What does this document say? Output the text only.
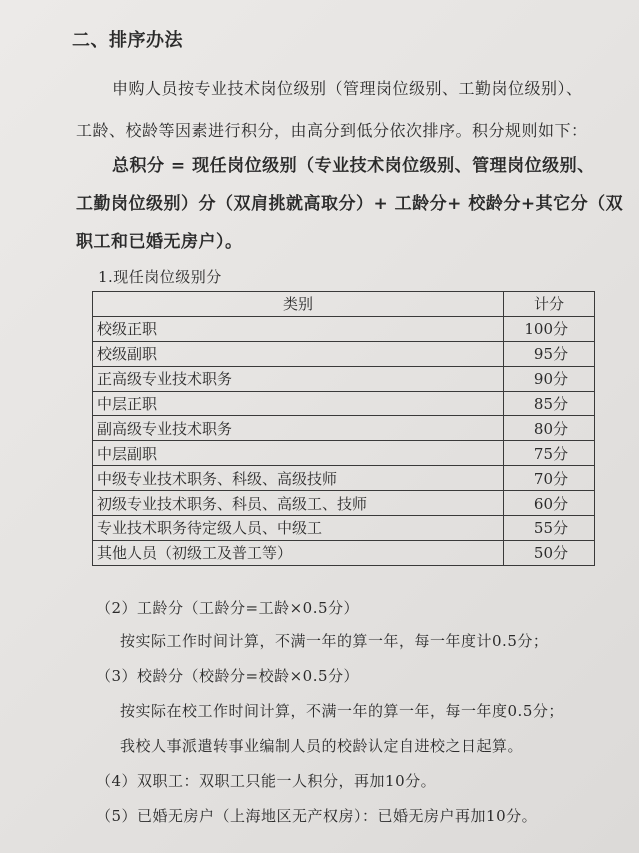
二、排序办法
申购人员按专业技术岗位级别（管理岗位级别、工勤岗位级别）、
工龄、校龄等因素进行积分，由高分到低分依次排序。积分规则如下：
总积分 = 现任岗位级别（专业技术岗位级别、管理岗位级别、
工勤岗位级别）分（双肩挑就高取分）+ 工龄分+ 校龄分+其它分（双
职工和已婚无房户）。
1.现任岗位级别分
类别	计分
校级正职	100分
校级副职	95分
正高级专业技术职务	90分
中层正职	85分
副高级专业技术职务	80分
中层副职	75分
中级专业技术职务、科级、高级技师	70分
初级专业技术职务、科员、高级工、技师	60分
专业技术职务待定级人员、中级工	55分
其他人员（初级工及普工等）	50分
（2）工龄分（工龄分=工龄×0.5分）
按实际工作时间计算，不满一年的算一年，每一年度计0.5分；
（3）校龄分（校龄分=校龄×0.5分）
按实际在校工作时间计算，不满一年的算一年，每一年度0.5分；
我校人事派遣转事业编制人员的校龄认定自进校之日起算。
（4）双职工：双职工只能一人积分，再加10分。
（5）已婚无房户（上海地区无产权房）：已婚无房户再加10分。
